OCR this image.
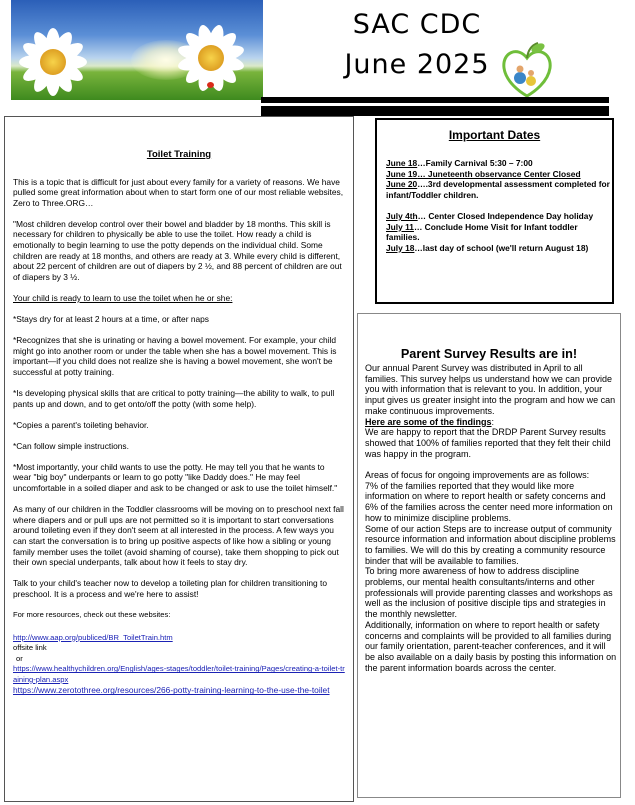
SAC CDC
June 2025

Toilet Training

This is a topic that is difficult for just about every family for a variety of reasons. We have pulled some great information about when to start form one of our most reliable websites, Zero to Three.ORG…

"Most children develop control over their bowel and bladder by 18 months. This skill is necessary for children to physically be able to use the toilet. How ready a child is emotionally to begin learning to use the potty depends on the individual child. Some children are ready at 18 months, and others are ready at 3. While every child is different, about 22 percent of children are out of diapers by 2 ½, and 88 percent of children are out of diapers by 3 ½.

Your child is ready to learn to use the toilet when he or she:

*Stays dry for at least 2 hours at a time, or after naps

*Recognizes that she is urinating or having a bowel movement. For example, your child might go into another room or under the table when she has a bowel movement. This is important—if you child does not realize she is having a bowel movement, she won't be successful at potty training.

*Is developing physical skills that are critical to potty training—the ability to walk, to pull pants up and down, and to get onto/off the potty (with some help).

*Copies a parent's toileting behavior.

*Can follow simple instructions.

*Most importantly, your child wants to use the potty. He may tell you that he wants to wear "big boy" underpants or learn to go potty "like Daddy does." He may feel uncomfortable in a soiled diaper and ask to be changed or ask to use the toilet himself."

As many of our children in the Toddler classrooms will be moving on to preschool next fall where diapers and or pull ups are not permitted so it is important to start conversations around toileting even if they don't seem at all interested in the process. A few ways you can start the conversation is to bring up positive aspects of like how a sibling or young family member uses the toilet (avoid shaming of course), take them shopping to pick out their own special underpants, talk about how it feels to stay dry.

Talk to your child's teacher now to develop a toileting plan for children transitioning to preschool. It is a process and we're here to assist!

For more resources, check out these websites:

http://www.aap.org/publiced/BR_ToiletTrain.htm

offsite link

or

https://www.healthychildren.org/English/ages-stages/toddler/toilet-training/Pages/creating-a-toilet-training-plan.aspx
https://www.zerotothree.org/resources/266-potty-training-learning-to-the-use-the-toilet
Important Dates

June 18…Family Carnival 5:30 – 7:00

June 19… Juneteenth observance Center Closed

June 20….3rd developmental assessment completed for infant/Toddler children.

July 4th… Center Closed Independence Day holiday

July 11… Conclude Home Visit for Infant toddler families.

July 18…last day of school (we'll return August 18)

Parent Survey Results are in!

Our annual Parent Survey was distributed in April to all families. This survey helps us understand how we can provide you with information that is relevant to you. In addition, your input gives us greater insight into the program and how we can make continuous improvements.

Here are some of the findings:

We are happy to report that the DRDP Parent Survey results showed that 100% of families reported that they felt their child was happy in the program.

Areas of focus for ongoing improvements are as follows:

7% of the families reported that they would like more information on where to report health or safety concerns and 6% of the families across the center need more information on how to minimize discipline problems.

Some of our action Steps are to increase output of community resource information and information about discipline problems to families. We will do this by creating a community resource binder that will be available to families.

To bring more awareness of how to address discipline problems, our mental health consultants/interns and other professionals will provide parenting classes and workshops as well as the inclusion of positive disciple tips and strategies in the monthly newsletter.

Additionally, information on where to report health or safety concerns and complaints will be provided to all families during our family orientation, parent-teacher conferences, and it will be also available on a daily basis by posting this information on the parent information boards across the center.
